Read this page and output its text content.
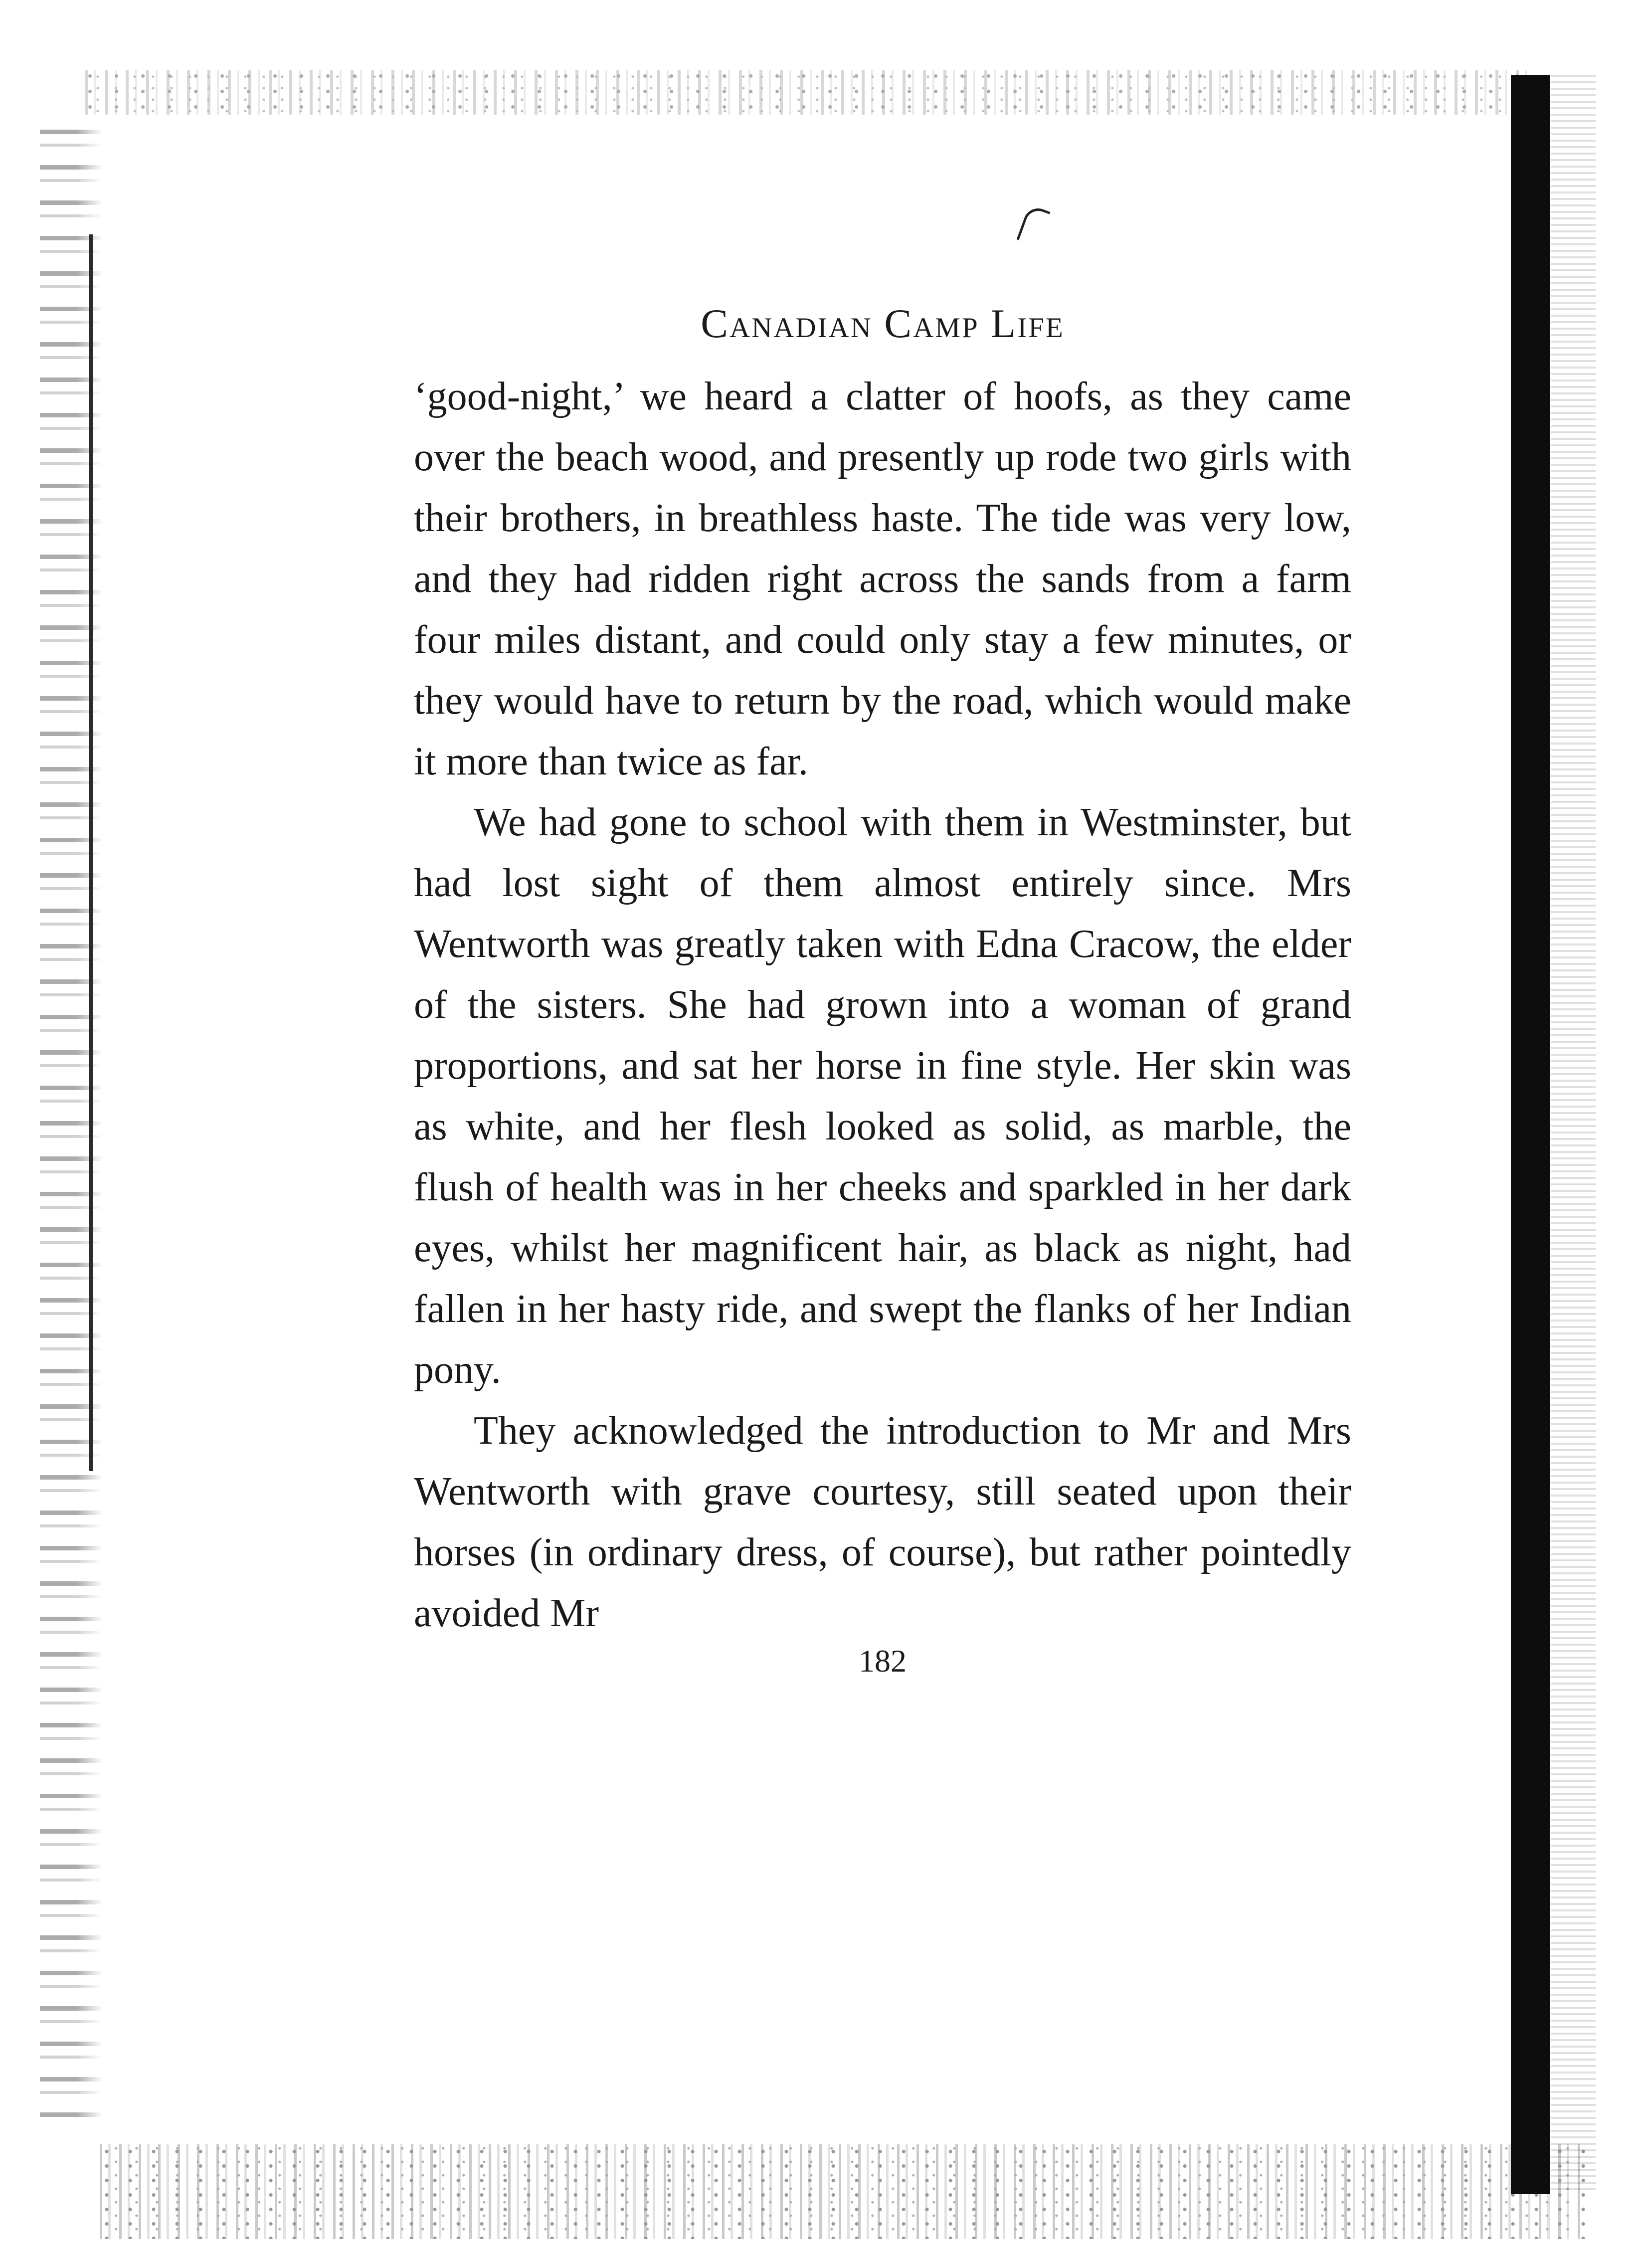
Canadian Camp Life

‘good-night,’ we heard a clatter of hoofs, as they came over the beach wood, and presently up rode two girls with their brothers, in breathless haste. The tide was very low, and they had ridden right across the sands from a farm four miles distant, and could only stay a few minutes, or they would have to return by the road, which would make it more than twice as far.

We had gone to school with them in Westminster, but had lost sight of them almost entirely since. Mrs Wentworth was greatly taken with Edna Cracow, the elder of the sisters. She had grown into a woman of grand proportions, and sat her horse in fine style. Her skin was as white, and her flesh looked as solid, as marble, the flush of health was in her cheeks and sparkled in her dark eyes, whilst her magnificent hair, as black as night, had fallen in her hasty ride, and swept the flanks of her Indian pony.

They acknowledged the introduction to Mr and Mrs Wentworth with grave courtesy, still seated upon their horses (in ordinary dress, of course), but rather pointedly avoided Mr

182
